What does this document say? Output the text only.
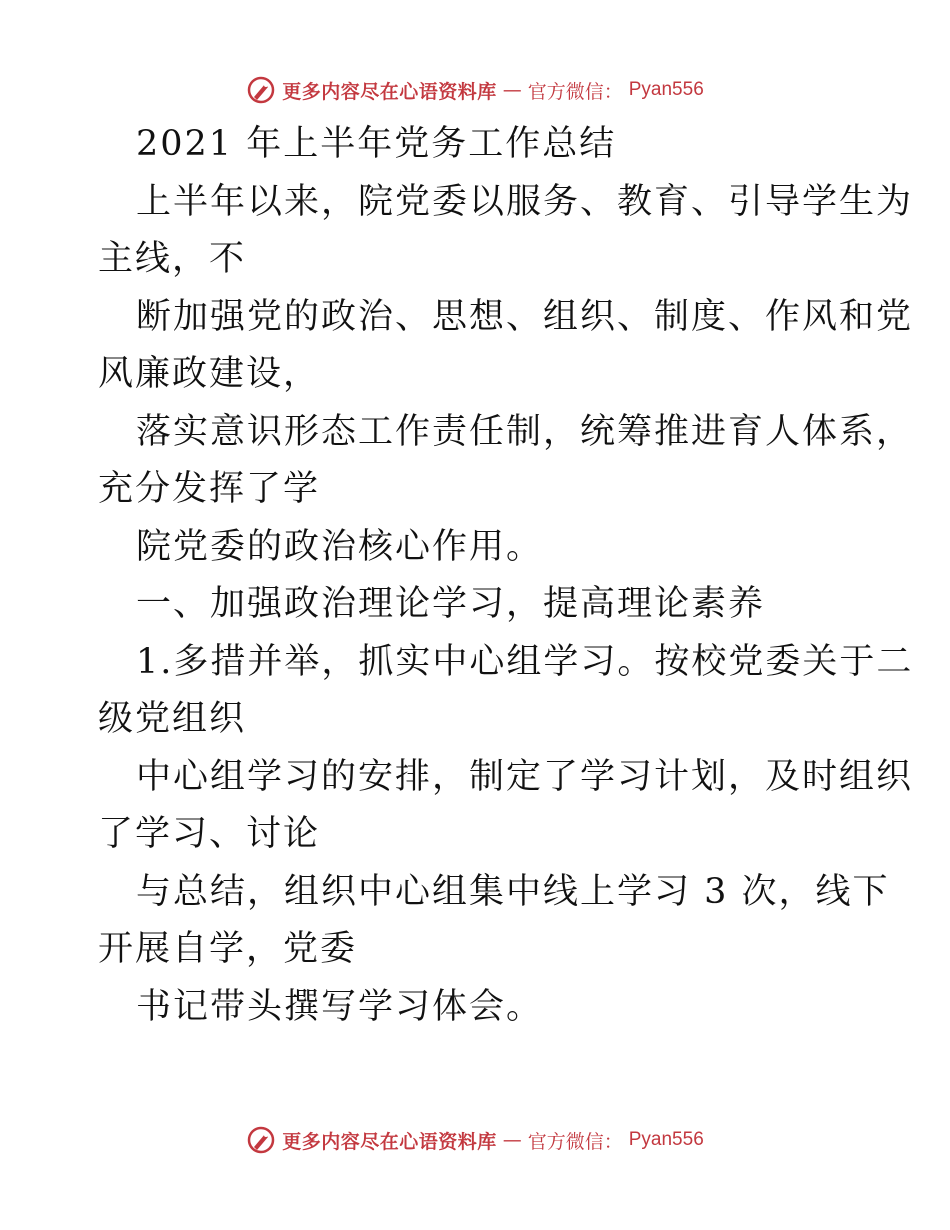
更多内容尽在心语资料库 — 官方微信： Pyan556
2021 年上半年党务工作总结
上半年以来，院党委以服务、教育、引导学生为
主线，不
断加强党的政治、思想、组织、制度、作风和党
风廉政建设，
落实意识形态工作责任制，统筹推进育人体系，
充分发挥了学
院党委的政治核心作用。
一、加强政治理论学习，提高理论素养
1.多措并举，抓实中心组学习。按校党委关于二
级党组织
中心组学习的安排，制定了学习计划，及时组织
了学习、讨论
与总结，组织中心组集中线上学习 3 次，线下
开展自学，党委
书记带头撰写学习体会。
更多内容尽在心语资料库 — 官方微信： Pyan556
